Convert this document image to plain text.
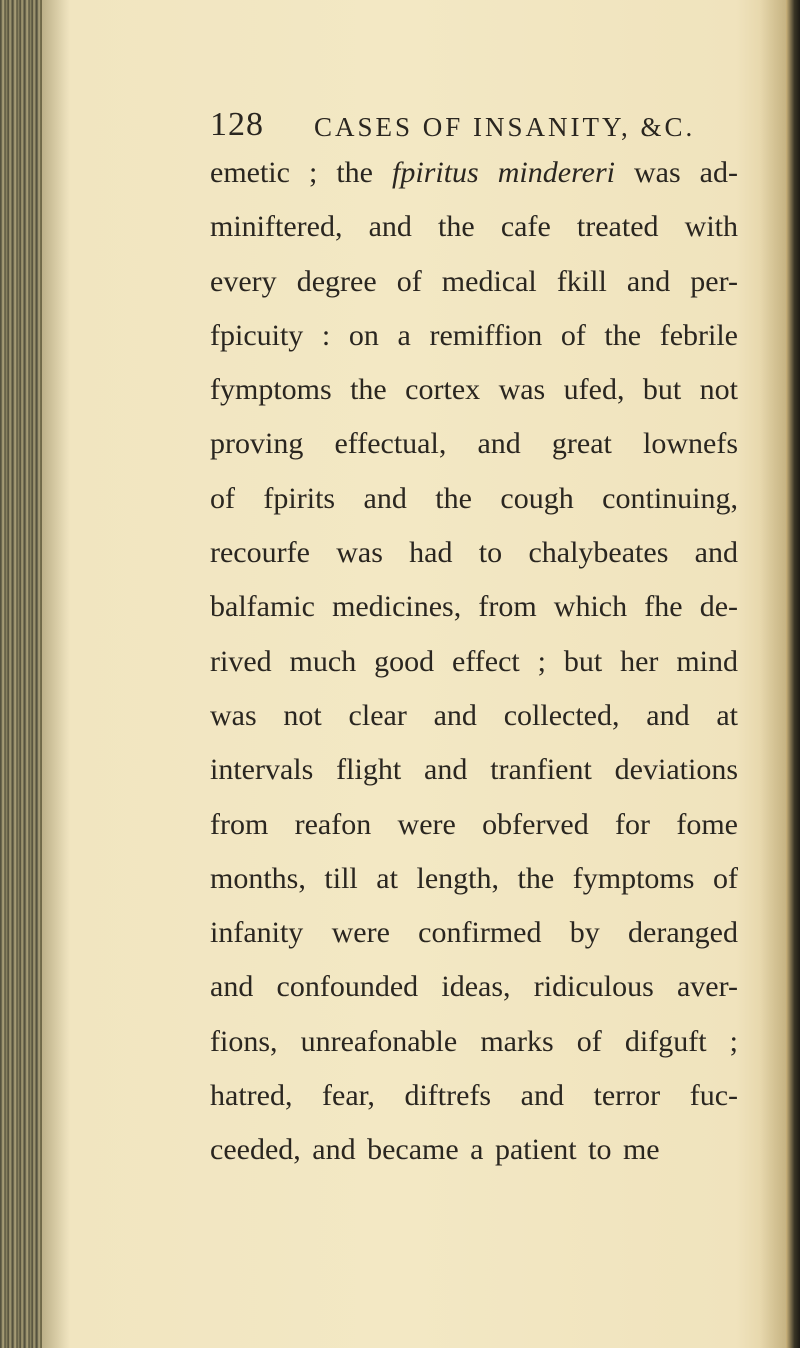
128 CASES OF INSANITY, &C.
emetic ; the fpiritus mindereri was ad-
miniftered, and the cafe treated with
every degree of medical fkill and per-
fpicuity : on a remiffion of the febrile
fymptoms the cortex was ufed, but not
proving effectual, and great lownefs
of fpirits and the cough continuing,
recourfe was had to chalybeates and
balfamic medicines, from which fhe de-
rived much good effect ; but her mind
was not clear and collected, and at
intervals flight and tranfient deviations
from reafon were obferved for fome
months, till at length, the fymptoms of
infanity were confirmed by deranged
and confounded ideas, ridiculous aver-
fions, unreafonable marks of difguft ;
hatred, fear, diftrefs and terror fuc-
ceeded, and became a patient to me
